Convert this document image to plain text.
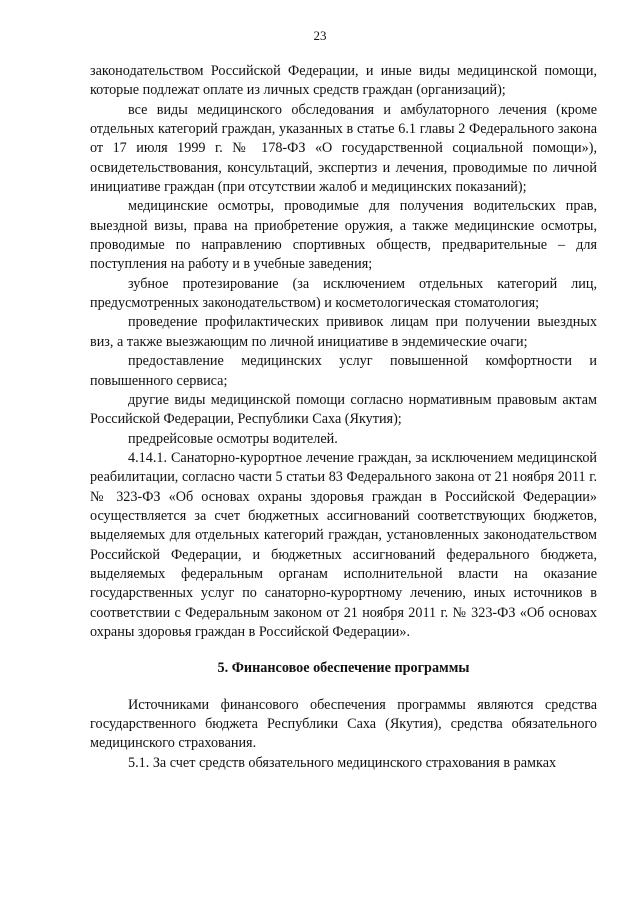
23

законодательством Российской Федерации, и иные виды медицинской помощи, которые подлежат оплате из личных средств граждан (организаций);

все виды медицинского обследования и амбулаторного лечения (кроме отдельных категорий граждан, указанных в статье 6.1 главы 2 Федерального закона от 17 июля 1999 г. № 178-ФЗ «О государственной социальной помощи»), освидетельствования, консультаций, экспертиз и лечения, проводимые по личной инициативе граждан (при отсутствии жалоб и медицинских показаний);

медицинские осмотры, проводимые для получения водительских прав, выездной визы, права на приобретение оружия, а также медицинские осмотры, проводимые по направлению спортивных обществ, предварительные – для поступления на работу и в учебные заведения;

зубное протезирование (за исключением отдельных категорий лиц, предусмотренных законодательством) и косметологическая стоматология;

проведение профилактических прививок лицам при получении выездных виз, а также выезжающим по личной инициативе в эндемические очаги;

предоставление медицинских услуг повышенной комфортности и повышенного сервиса;

другие виды медицинской помощи согласно нормативным правовым актам Российской Федерации, Республики Саха (Якутия);

предрейсовые осмотры водителей.

4.14.1. Санаторно-курортное лечение граждан, за исключением медицинской реабилитации, согласно части 5 статьи 83 Федерального закона от 21 ноября 2011 г. № 323-ФЗ «Об основах охраны здоровья граждан в Российской Федерации» осуществляется за счет бюджетных ассигнований соответствующих бюджетов, выделяемых для отдельных категорий граждан, установленных законодательством Российской Федерации, и бюджетных ассигнований федерального бюджета, выделяемых федеральным органам исполнительной власти на оказание государственных услуг по санаторно-курортному лечению, иных источников в соответствии с Федеральным законом от 21 ноября 2011 г. № 323-ФЗ «Об основах охраны здоровья граждан в Российской Федерации».

5. Финансовое обеспечение программы

Источниками финансового обеспечения программы являются средства государственного бюджета Республики Саха (Якутия), средства обязательного медицинского страхования.

5.1. За счет средств обязательного медицинского страхования в рамках
